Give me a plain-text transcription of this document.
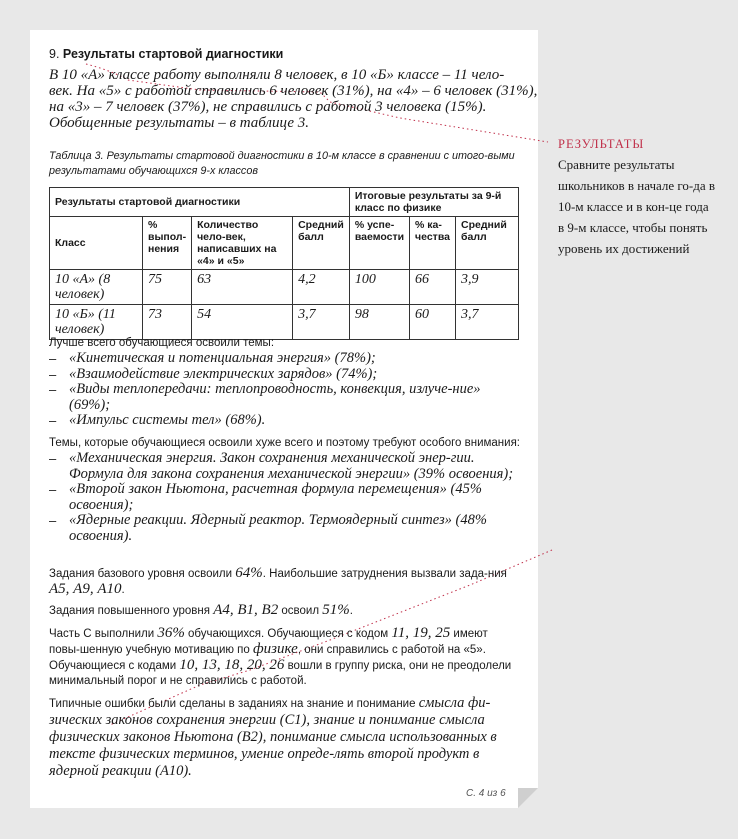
9. Результаты стартовой диагностики
В 10 «А» классе работу выполняли 8 человек, в 10 «Б» классе – 11 чело-
век. На «5» с работой справились 6 человек (31%), на «4» – 6 человек (31%),
на «3» – 7 человек (37%), не справились с работой 3 человека (15%).
Обобщенные результаты – в таблице 3.
Таблица 3. Результаты стартовой диагностики в 10-м классе в сравнении с итого-выми результатами обучающихся 9-х классов
Результаты стартовой диагностики				Итоговые результаты за 9-й класс по физике		
Класс	% выпол-нения	Количество чело-век, написавших на «4» и «5»	Средний балл	% успе-ваемости	% ка-чества	Средний балл
10 «А» (8 человек)	75	63	4,2	100	66	3,9
10 «Б» (11 человек)	73	54	3,7	98	60	3,7
Лучше всего обучающиеся освоили темы:
– «Кинетическая и потенциальная энергия» (78%);
– «Взаимодействие электрических зарядов» (74%);
– «Виды теплопередачи: теплопроводность, конвекция, излуче-ние» (69%);
– «Импульс системы тел» (68%).
Темы, которые обучающиеся освоили хуже всего и поэтому требуют особого внимания:
– «Механическая энергия. Закон сохранения механической энер-гии. Формула для закона сохранения механической энергии» (39% освоения);
– «Второй закон Ньютона, расчетная формула перемещения» (45% освоения);
– «Ядерные реакции. Ядерный реактор. Термоядерный синтез» (48% освоения).
Задания базового уровня освоили 64%. Наибольшие затруднения вызвали зада-ния А5, А9, А10.
Задания повышенного уровня А4, В1, В2 освоил 51%.
Часть С выполнили 36% обучающихся. Обучающиеся с кодом 11, 19, 25 имеют повы-шенную учебную мотивацию по физике, они справились с работой на «5». Обучающиеся с кодами 10, 13, 18, 20, 26 вошли в группу риска, они не преодолели минимальный порог и не справились с работой.
Типичные ошибки были сделаны в заданиях на знание и понимание смысла фи-зических законов сохранения энергии (С1), знание и понимание смысла физических законов Ньютона (В2), понимание смысла использованных в тексте физических терминов, умение опреде-лять второй продукт в ядерной реакции (А10).
С. 4 из 6
РЕЗУЛЬТАТЫ
Сравните результаты школьников в начале го-да в 10-м классе и в кон-це года в 9-м классе, чтобы понять уровень их достижений
